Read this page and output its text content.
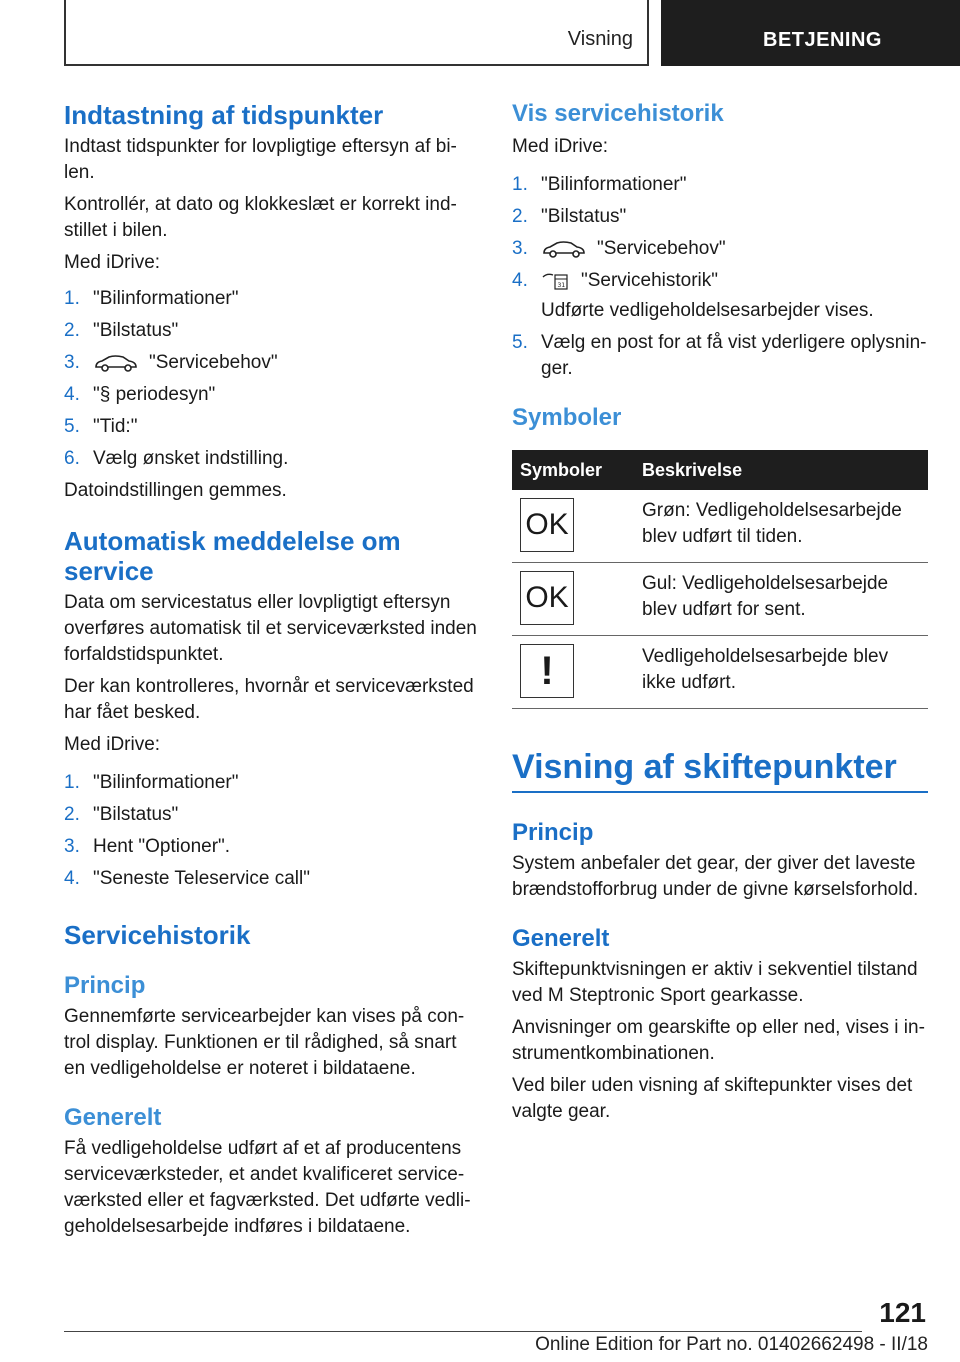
Visning	BETJENING
Indtastning af tidspunkter

Indtast tidspunkter for lovpligtige eftersyn af bi-len.

Kontrollér, at dato og klokkeslæt er korrekt ind-stillet i bilen.

Med iDrive:

1. "Bilinformationer"
2. "Bilstatus"
3.	"Servicebehov"
4. "§ periodesyn"
5. "Tid:"
6. Vælg ønsket indstilling.

Datoindstillingen gemmes.

Automatisk meddelelse om
service

Data om servicestatus eller lovpligtigt eftersyn overføres automatisk til et serviceværksted inden forfaldstidspunktet.

Der kan kontrolleres, hvornår et serviceværksted har fået besked.

Med iDrive:

1. "Bilinformationer"
2. "Bilstatus"
3. Hent "Optioner".
4. "Seneste Teleservice call"
Servicehistorik
Princip

Gennemførte servicearbejder kan vises på con-trol display. Funktionen er til rådighed, så snart en vedligeholdelse er noteret i bildataene.

Generelt

Få vedligeholdelse udført af et af producentens serviceværksteder, et andet kvalificeret service-værksted eller et fagværksted. Det udførte vedli-geholdelsesarbejde indføres i bildataene.

Vis servicehistorik

Med iDrive:

1. "Bilinformationer"
2. "Bilstatus"
3.	"Servicebehov"
4.	31 "Servicehistorik"

Udførte vedligeholdelsesarbejder vises.

5. Vælg en post for at få vist yderligere oplysnin-ger.
Symboler
Symboler	Beskrivelse

OK	Grøn: Vedligeholdelsesarbejde blev udført til tiden.

OK	Gul: Vedligeholdelsesarbejde blev udført for sent.

!	Vedligeholdelsesarbejde blev ikke udført.
Visning af skiftepunkter
Princip

System anbefaler det gear, der giver det laveste brændstofforbrug under de givne kørselsforhold.

Generelt

Skiftepunktvisningen er aktiv i sekventiel tilstand ved M Steptronic Sport gearkasse.

Anvisninger om gearskifte op eller ned, vises i in-strumentkombinationen.

Ved biler uden visning af skiftepunkter vises det valgte gear.

121
Online Edition for Part no. 01402662498 - II/18
